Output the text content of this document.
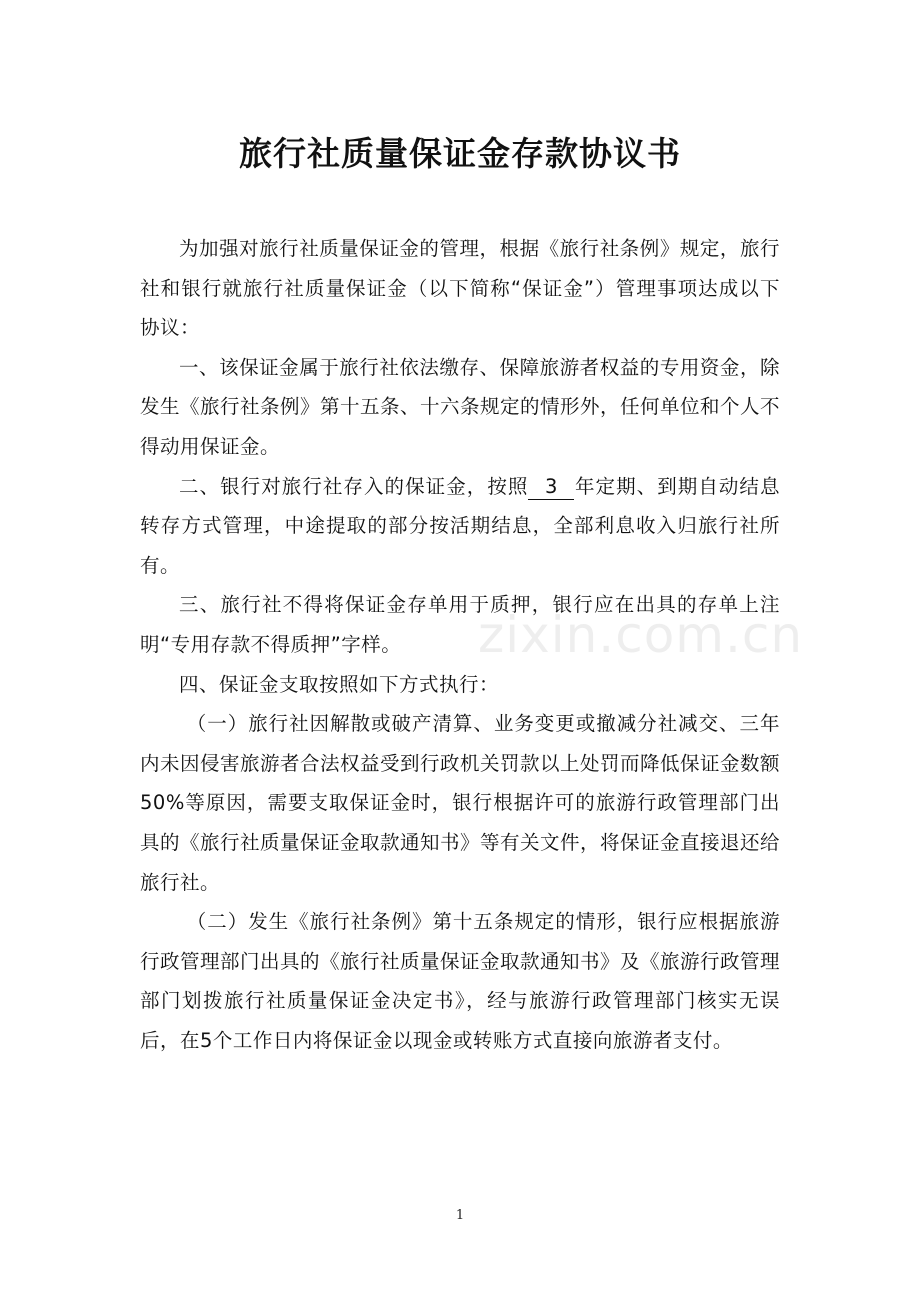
旅行社质量保证金存款协议书

为加强对旅行社质量保证金的管理，根据《旅行社条例》规定，旅行社和银行就旅行社质量保证金（以下简称“保证金”）管理事项达成以下协议：

一、该保证金属于旅行社依法缴存、保障旅游者权益的专用资金，除发生《旅行社条例》第十五条、十六条规定的情形外，任何单位和个人不得动用保证金。

二、银行对旅行社存入的保证金，按照 3 年定期、到期自动结息转存方式管理，中途提取的部分按活期结息，全部利息收入归旅行社所有。

三、旅行社不得将保证金存单用于质押，银行应在出具的存单上注明“专用存款不得质押”字样。

四、保证金支取按照如下方式执行：

（一）旅行社因解散或破产清算、业务变更或撤减分社减交、三年内未因侵害旅游者合法权益受到行政机关罚款以上处罚而降低保证金数额50%等原因，需要支取保证金时，银行根据许可的旅游行政管理部门出具的《旅行社质量保证金取款通知书》等有关文件，将保证金直接退还给旅行社。

（二）发生《旅行社条例》第十五条规定的情形，银行应根据旅游行政管理部门出具的《旅行社质量保证金取款通知书》及《旅游行政管理部门划拨旅行社质量保证金决定书》，经与旅游行政管理部门核实无误后，在5个工作日内将保证金以现金或转账方式直接向旅游者支付。

zixin.com.cn
1
